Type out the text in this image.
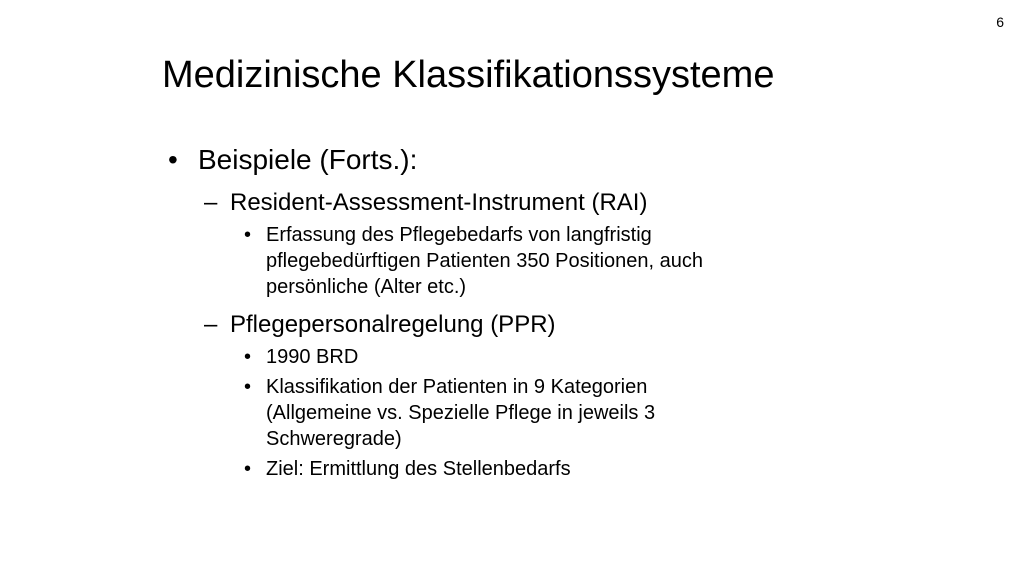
6
Medizinische Klassifikationssysteme
• Beispiele (Forts.):
– Resident-Assessment-Instrument (RAI)
• Erfassung des Pflegebedarfs von langfristig pflegebedürftigen Patienten 350 Positionen, auch persönliche (Alter etc.)
– Pflegepersonalregelung (PPR)
• 1990 BRD
• Klassifikation der Patienten in 9 Kategorien (Allgemeine vs. Spezielle Pflege in jeweils 3 Schweregrade)
• Ziel: Ermittlung des Stellenbedarfs
